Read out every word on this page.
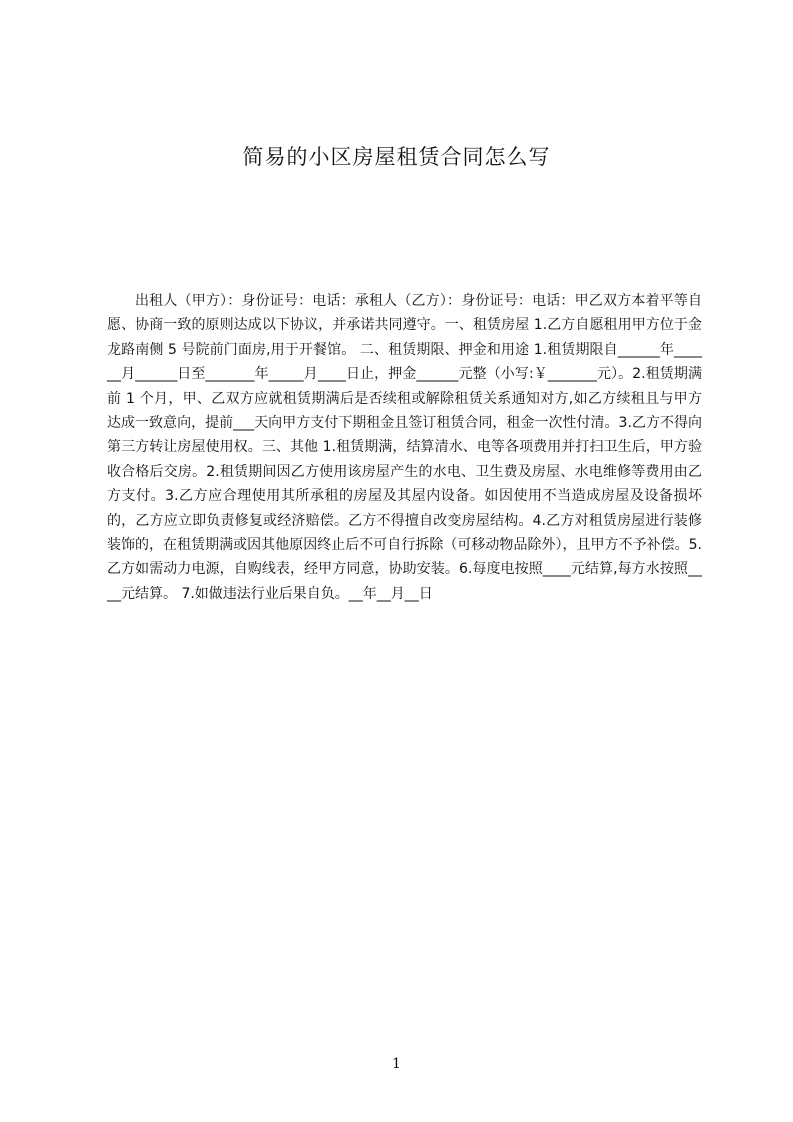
简易的小区房屋租赁合同怎么写

出租人（甲方）：身份证号：电话：承租人（乙方）：身份证号：电话：甲乙双方本着平等自愿、协商一致的原则达成以下协议，并承诺共同遵守。一、租赁房屋 1.乙方自愿租用甲方位于金龙路南侧 5 号院前门面房,用于开餐馆。 二、租赁期限、押金和用途 1.租赁期限自______年______月______日至_______年_____月____日止，押金______元整（小写:￥_______元）。2.租赁期满前 1 个月，甲、乙双方应就租赁期满后是否续租或解除租赁关系通知对方,如乙方续租且与甲方达成一致意向，提前___天向甲方支付下期租金且签订租赁合同，租金一次性付清。3.乙方不得向第三方转让房屋使用权。三、其他 1.租赁期满，结算清水、电等各项费用并打扫卫生后，甲方验收合格后交房。2.租赁期间因乙方使用该房屋产生的水电、卫生费及房屋、水电维修等费用由乙方支付。3.乙方应合理使用其所承租的房屋及其屋内设备。如因使用不当造成房屋及设备损坏的，乙方应立即负责修复或经济赔偿。乙方不得擅自改变房屋结构。4.乙方对租赁房屋进行装修装饰的，在租赁期满或因其他原因终止后不可自行拆除（可移动物品除外），且甲方不予补偿。5.乙方如需动力电源，自购线表，经甲方同意，协助安装。6.每度电按照____元结算,每方水按照____元结算。 7.如做违法行业后果自负。__年__月__日

1
